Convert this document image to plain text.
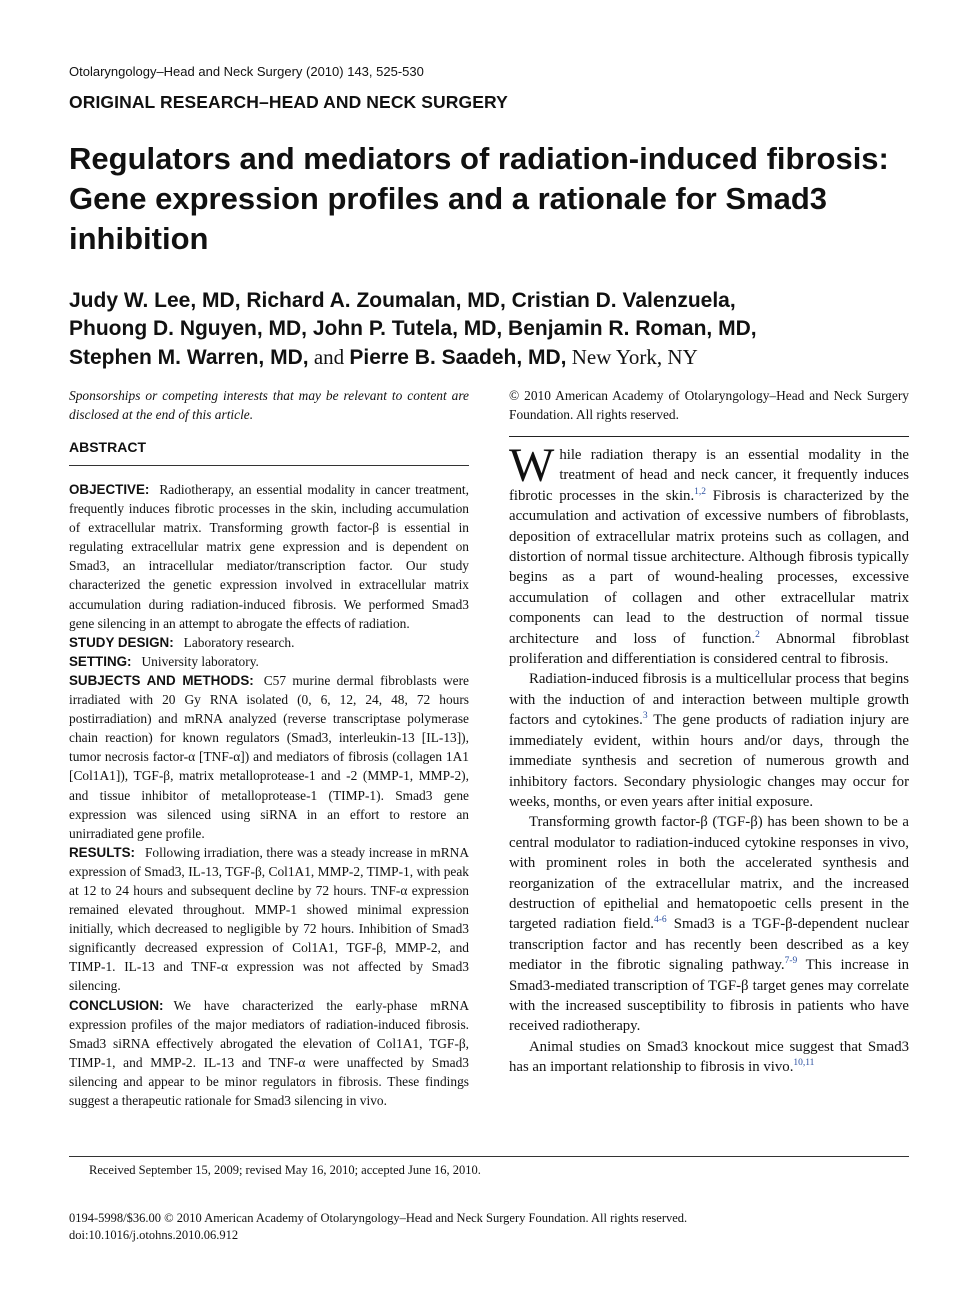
Otolaryngology–Head and Neck Surgery (2010) 143, 525-530
ORIGINAL RESEARCH–HEAD AND NECK SURGERY
Regulators and mediators of radiation-induced fibrosis: Gene expression profiles and a rationale for Smad3 inhibition
Judy W. Lee, MD, Richard A. Zoumalan, MD, Cristian D. Valenzuela,
Phuong D. Nguyen, MD, John P. Tutela, MD, Benjamin R. Roman, MD,
Stephen M. Warren, MD, and Pierre B. Saadeh, MD, New York, NY

Sponsorships or competing interests that may be relevant to content are disclosed at the end of this article.

ABSTRACT

OBJECTIVE: Radiotherapy, an essential modality in cancer treatment, frequently induces fibrotic processes in the skin, including accumulation of extracellular matrix. Transforming growth factor-β is essential in regulating extracellular matrix gene expression and is dependent on Smad3, an intracellular mediator/transcription factor. Our study characterized the genetic expression involved in extracellular matrix accumulation during radiation-induced fibrosis. We performed Smad3 gene silencing in an attempt to abrogate the effects of radiation.

STUDY DESIGN: Laboratory research.

SETTING: University laboratory.

SUBJECTS AND METHODS: C57 murine dermal fibroblasts were irradiated with 20 Gy RNA isolated (0, 6, 12, 24, 48, 72 hours postirradiation) and mRNA analyzed (reverse transcriptase polymerase chain reaction) for known regulators (Smad3, interleukin-13 [IL-13]), tumor necrosis factor-α [TNF-α]) and mediators of fibrosis (collagen 1A1 [Col1A1]), TGF-β, matrix metalloprotease-1 and -2 (MMP-1, MMP-2), and tissue inhibitor of metalloprotease-1 (TIMP-1). Smad3 gene expression was silenced using siRNA in an effort to restore an unirradiated gene profile.

RESULTS: Following irradiation, there was a steady increase in mRNA expression of Smad3, IL-13, TGF-β, Col1A1, MMP-2, TIMP-1, with peak at 12 to 24 hours and subsequent decline by 72 hours. TNF-α expression remained elevated throughout. MMP-1 showed minimal expression initially, which decreased to negligible by 72 hours. Inhibition of Smad3 significantly decreased expression of Col1A1, TGF-β, MMP-2, and TIMP-1. IL-13 and TNF-α expression was not affected by Smad3 silencing.

CONCLUSION: We have characterized the early-phase mRNA expression profiles of the major mediators of radiation-induced fibrosis. Smad3 siRNA effectively abrogated the elevation of Col1A1, TGF-β, TIMP-1, and MMP-2. IL-13 and TNF-α were unaffected by Smad3 silencing and appear to be minor regulators in fibrosis. These findings suggest a therapeutic rationale for Smad3 silencing in vivo.

© 2010 American Academy of Otolaryngology–Head and Neck Surgery Foundation. All rights reserved.

While radiation therapy is an essential modality in the treatment of head and neck cancer, it frequently induces fibrotic processes in the skin.$^{1,2}$ Fibrosis is characterized by the accumulation and activation of excessive numbers of fibroblasts, deposition of extracellular matrix proteins such as collagen, and distortion of normal tissue architecture. Although fibrosis typically begins as a part of wound-healing processes, excessive accumulation of collagen and other extracellular matrix components can lead to the destruction of normal tissue architecture and loss of function.$^2$ Abnormal fibroblast proliferation and differentiation is considered central to fibrosis.

Radiation-induced fibrosis is a multicellular process that begins with the induction of and interaction between multiple growth factors and cytokines.$^3$ The gene products of radiation injury are immediately evident, within hours and/or days, through the immediate synthesis and secretion of numerous growth and inhibitory factors. Secondary physiologic changes may occur for weeks, months, or even years after initial exposure.

Transforming growth factor-β (TGF-β) has been shown to be a central modulator to radiation-induced cytokine responses in vivo, with prominent roles in both the accelerated synthesis and reorganization of the extracellular matrix, and the increased destruction of epithelial and hematopoetic cells present in the targeted radiation field.$^{4-6}$ Smad3 is a TGF-β-dependent nuclear transcription factor and has recently been described as a key mediator in the fibrotic signaling pathway.$^{7-9}$ This increase in Smad3-mediated transcription of TGF-β target genes may correlate with the increased susceptibility to fibrosis in patients who have received radiotherapy.

Animal studies on Smad3 knockout mice suggest that Smad3 has an important relationship to fibrosis in vivo.$^{10,11}$

Received September 15, 2009; revised May 16, 2010; accepted June 16, 2010.
0194-5998/$36.00 © 2010 American Academy of Otolaryngology–Head and Neck Surgery Foundation. All rights reserved.
doi:10.1016/j.otohns.2010.06.912
